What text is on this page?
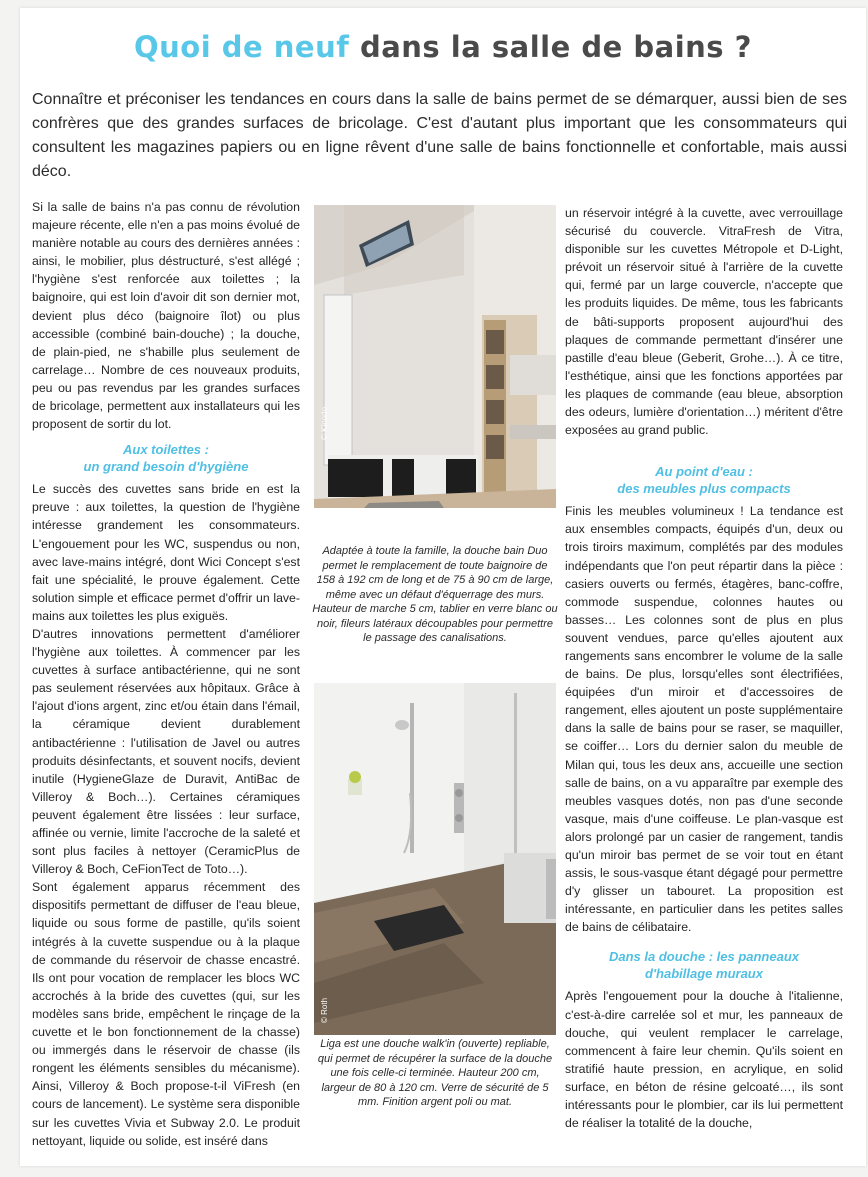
Quoi de neuf dans la salle de bains ?

Connaître et préconiser les tendances en cours dans la salle de bains permet de se démarquer, aussi bien de ses confrères que des grandes surfaces de bricolage. C'est d'autant plus important que les consommateurs qui consultent les magazines papiers ou en ligne rêvent d'une salle de bains fonctionnelle et confortable, mais aussi déco.

Si la salle de bains n'a pas connu de révolution majeure récente, elle n'en a pas moins évolué de manière notable au cours des dernières années : ainsi, le mobilier, plus déstructuré, s'est allégé ; l'hygiène s'est renforcée aux toilettes ; la baignoire, qui est loin d'avoir dit son dernier mot, devient plus déco (baignoire îlot) ou plus accessible (combiné bain-douche) ; la douche, de plain-pied, ne s'habille plus seulement de carrelage… Nombre de ces nouveaux produits, peu ou pas revendus par les grandes surfaces de bricolage, permettent aux installateurs qui les proposent de sortir du lot.

Aux toilettes :
un grand besoin d'hygiène

Le succès des cuvettes sans bride en est la preuve : aux toilettes, la question de l'hygiène intéresse grandement les consommateurs. L'engouement pour les WC, suspendus ou non, avec lave-mains intégré, dont Wici Concept s'est fait une spécialité, le prouve également. Cette solution simple et efficace permet d'offrir un lave-mains aux toilettes les plus exiguës.

D'autres innovations permettent d'améliorer l'hygiène aux toilettes. À commencer par les cuvettes à surface antibactérienne, qui ne sont pas seulement réservées aux hôpitaux. Grâce à l'ajout d'ions argent, zinc et/ou étain dans l'émail, la céramique devient durablement antibactérienne : l'utilisation de Javel ou autres produits désinfectants, et souvent nocifs, devient inutile (HygieneGlaze de Duravit, AntiBac de Villeroy & Boch…). Certaines céramiques peuvent également être lissées : leur surface, affinée ou vernie, limite l'accroche de la saleté et sont plus faciles à nettoyer (CeramicPlus de Villeroy & Boch, CeFionTect de Toto…).

Sont également apparus récemment des dispositifs permettant de diffuser de l'eau bleue, liquide ou sous forme de pastille, qu'ils soient intégrés à la cuvette suspendue ou à la plaque de commande du réservoir de chasse encastré. Ils ont pour vocation de remplacer les blocs WC accrochés à la bride des cuvettes (qui, sur les modèles sans bride, empêchent le rinçage de la cuvette et le bon fonctionnement de la chasse) ou immergés dans le réservoir de chasse (ils rongent les éléments sensibles du mécanisme). Ainsi, Villeroy & Boch propose-t-il ViFresh (en cours de lancement). Le système sera disponible sur les cuvettes Vivia et Subway 2.0. Le produit nettoyant, liquide ou solide, est inséré dans

© Kinedo

Adaptée à toute la famille, la douche bain Duo permet le remplacement de toute baignoire de 158 à 192 cm de long et de 75 à 90 cm de large, même avec un défaut d'équerrage des murs. Hauteur de marche 5 cm, tablier en verre blanc ou noir, fileurs latéraux découpables pour permettre le passage des canalisations.

© Roth

Liga est une douche walk'in (ouverte) repliable, qui permet de récupérer la surface de la douche une fois celle-ci terminée. Hauteur 200 cm, largeur de 80 à 120 cm. Verre de sécurité de 5 mm. Finition argent poli ou mat.

un réservoir intégré à la cuvette, avec verrouillage sécurisé du couvercle. VitraFresh de Vitra, disponible sur les cuvettes Métropole et D-Light, prévoit un réservoir situé à l'arrière de la cuvette qui, fermé par un large couvercle, n'accepte que les produits liquides. De même, tous les fabricants de bâti-supports proposent aujourd'hui des plaques de commande permettant d'insérer une pastille d'eau bleue (Geberit, Grohe…). À ce titre, l'esthétique, ainsi que les fonctions apportées par les plaques de commande (eau bleue, absorption des odeurs, lumière d'orientation…) méritent d'être exposées au grand public.

Au point d'eau :
des meubles plus compacts

Finis les meubles volumineux ! La tendance est aux ensembles compacts, équipés d'un, deux ou trois tiroirs maximum, complétés par des modules indépendants que l'on peut répartir dans la pièce : casiers ouverts ou fermés, étagères, banc-coffre, commode suspendue, colonnes hautes ou basses… Les colonnes sont de plus en plus souvent vendues, parce qu'elles ajoutent aux rangements sans encombrer le volume de la salle de bains. De plus, lorsqu'elles sont électrifiées, équipées d'un miroir et d'accessoires de rangement, elles ajoutent un poste supplémentaire dans la salle de bains pour se raser, se maquiller, se coiffer… Lors du dernier salon du meuble de Milan qui, tous les deux ans, accueille une section salle de bains, on a vu apparaître par exemple des meubles vasques dotés, non pas d'une seconde vasque, mais d'une coiffeuse. Le plan-vasque est alors prolongé par un casier de rangement, tandis qu'un miroir bas permet de se voir tout en étant assis, le sous-vasque étant dégagé pour permettre d'y glisser un tabouret. La proposition est intéressante, en particulier dans les petites salles de bains de célibataire.

Dans la douche : les panneaux
d'habillage muraux

Après l'engouement pour la douche à l'italienne, c'est-à-dire carrelée sol et mur, les panneaux de douche, qui veulent remplacer le carrelage, commencent à faire leur chemin. Qu'ils soient en stratifié haute pression, en acrylique, en solid surface, en béton de résine gelcoaté…, ils sont intéressants pour le plombier, car ils lui permettent de réaliser la totalité de la douche,
